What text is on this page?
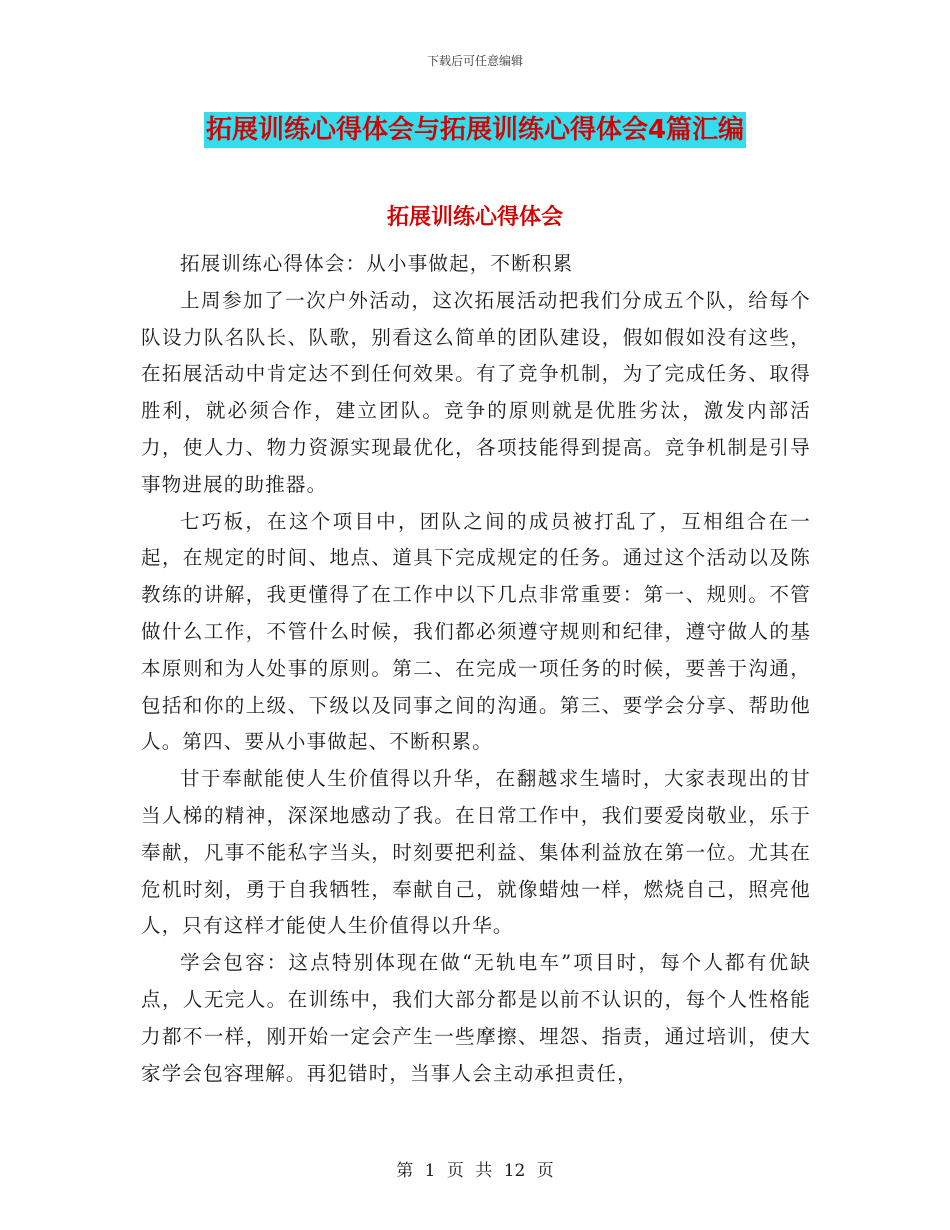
下载后可任意编辑
拓展训练心得体会与拓展训练心得体会4篇汇编
拓展训练心得体会

拓展训练心得体会：从小事做起，不断积累

上周参加了一次户外活动，这次拓展活动把我们分成五个队，给每个队设力队名队长、队歌，别看这么简单的团队建设，假如假如没有这些，在拓展活动中肯定达不到任何效果。有了竞争机制，为了完成任务、取得胜利，就必须合作，建立团队。竞争的原则就是优胜劣汰，激发内部活力，使人力、物力资源实现最优化，各项技能得到提高。竞争机制是引导事物进展的助推器。

七巧板，在这个项目中，团队之间的成员被打乱了，互相组合在一起，在规定的时间、地点、道具下完成规定的任务。通过这个活动以及陈教练的讲解，我更懂得了在工作中以下几点非常重要：第一、规则。不管做什么工作，不管什么时候，我们都必须遵守规则和纪律，遵守做人的基本原则和为人处事的原则。第二、在完成一项任务的时候，要善于沟通，包括和你的上级、下级以及同事之间的沟通。第三、要学会分享、帮助他人。第四、要从小事做起、不断积累。

甘于奉献能使人生价值得以升华，在翻越求生墙时，大家表现出的甘当人梯的精神，深深地感动了我。在日常工作中，我们要爱岗敬业，乐于奉献，凡事不能私字当头，时刻要把利益、集体利益放在第一位。尤其在危机时刻，勇于自我牺牲，奉献自己，就像蜡烛一样，燃烧自己，照亮他人，只有这样才能使人生价值得以升华。

学会包容：这点特别体现在做“无轨电车”项目时，每个人都有优缺点，人无完人。在训练中，我们大部分都是以前不认识的，每个人性格能力都不一样，刚开始一定会产生一些摩擦、埋怨、指责，通过培训，使大家学会包容理解。再犯错时，当事人会主动承担责任，

第 1 页 共 12 页
